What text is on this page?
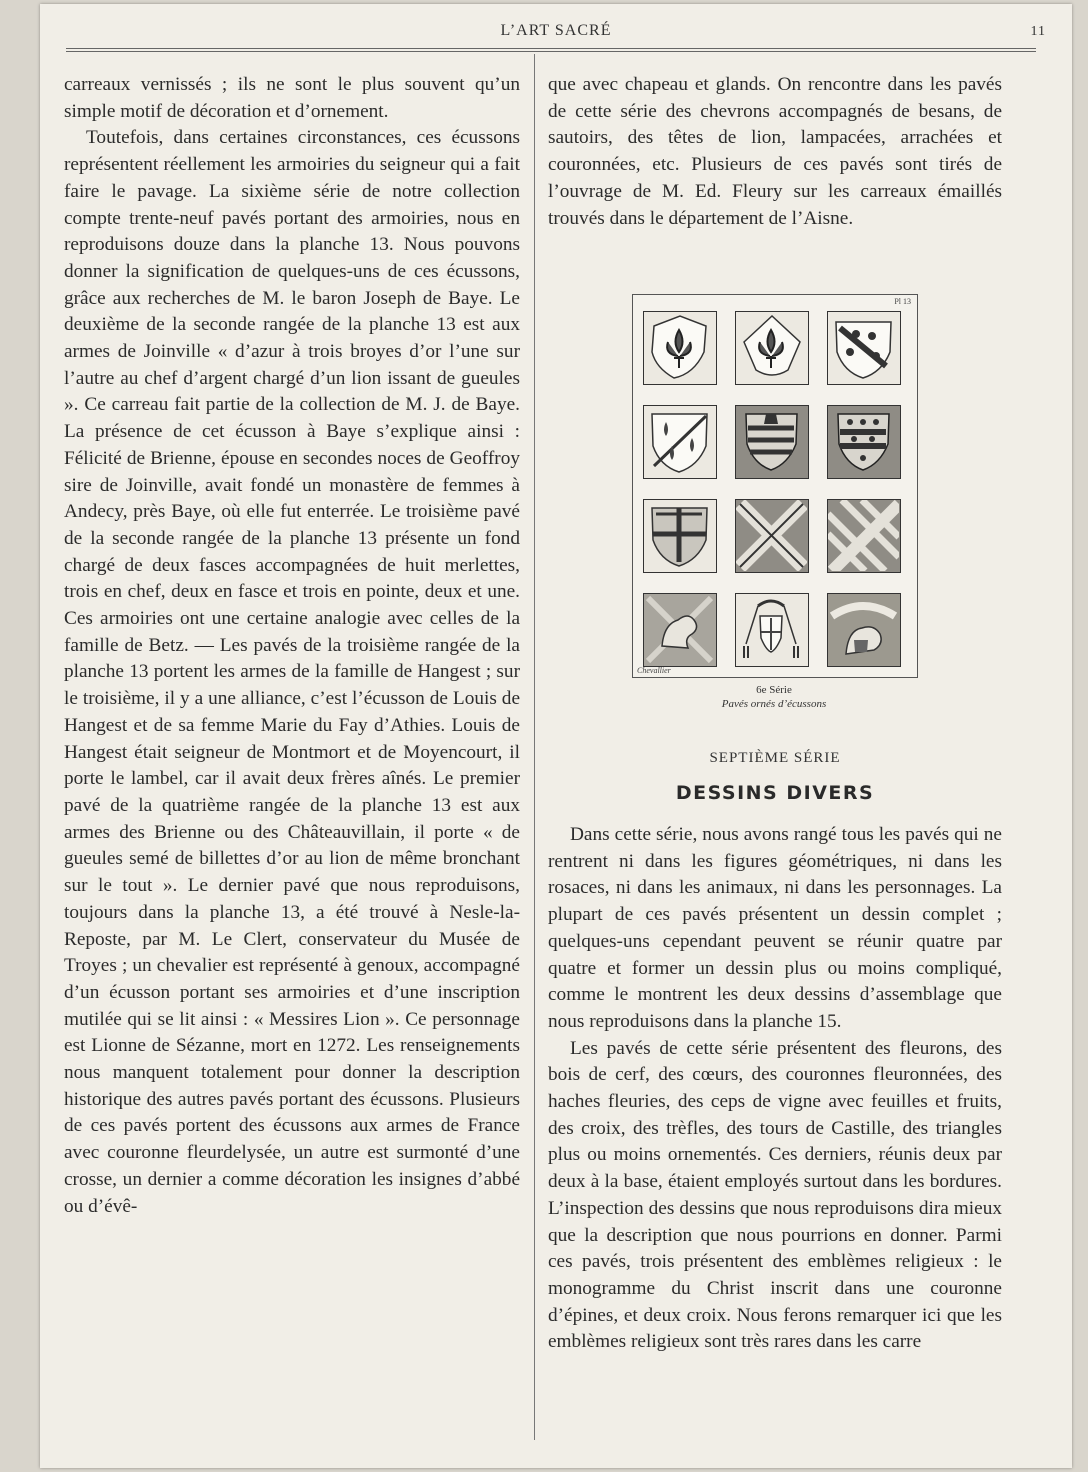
L’ART SACRÉ	11

carreaux vernissés ; ils ne sont le plus souvent qu’un simple motif de décoration et d’ornement.

Toutefois, dans certaines circonstances, ces écussons représentent réellement les armoiries du seigneur qui a fait faire le pavage. La sixième série de notre collection compte trente-neuf pavés portant des armoiries, nous en reproduisons douze dans la planche 13. Nous pouvons donner la signification de quelques-uns de ces écussons, grâce aux recherches de M. le baron Joseph de Baye. Le deuxième de la seconde rangée de la planche 13 est aux armes de Joinville « d’azur à trois broyes d’or l’une sur l’autre au chef d’argent chargé d’un lion issant de gueules ». Ce carreau fait partie de la collection de M. J. de Baye. La présence de cet écusson à Baye s’explique ainsi : Félicité de Brienne, épouse en secondes noces de Geoffroy sire de Joinville, avait fondé un monastère de femmes à Andecy, près Baye, où elle fut enterrée. Le troisième pavé de la seconde rangée de la planche 13 présente un fond chargé de deux fasces accompagnées de huit merlettes, trois en chef, deux en fasce et trois en pointe, deux et une. Ces armoiries ont une certaine analogie avec celles de la famille de Betz. — Les pavés de la troisième rangée de la planche 13 portent les armes de la famille de Hangest ; sur le troisième, il y a une alliance, c’est l’écusson de Louis de Hangest et de sa femme Marie du Fay d’Athies. Louis de Hangest était seigneur de Montmort et de Moyencourt, il porte le lambel, car il avait deux frères aînés. Le premier pavé de la quatrième rangée de la planche 13 est aux armes des Brienne ou des Châteauvillain, il porte « de gueules semé de billettes d’or au lion de même bronchant sur le tout ». Le dernier pavé que nous reproduisons, toujours dans la planche 13, a été trouvé à Nesle-la-Reposte, par M. Le Clert, conservateur du Musée de Troyes ; un chevalier est représenté à genoux, accompagné d’un écusson portant ses armoiries et d’une inscription mutilée qui se lit ainsi : « Messires Lion ». Ce personnage est Lionne de Sézanne, mort en 1272. Les renseignements nous manquent totalement pour donner la description historique des autres pavés portant des écussons. Plusieurs de ces pavés portent des écussons aux armes de France avec couronne fleurdelysée, un autre est surmonté d’une crosse, un dernier a comme décoration les insignes d’abbé ou d’évê-

que avec chapeau et glands. On rencontre dans les pavés de cette série des chevrons accompagnés de besans, de sautoirs, des têtes de lion, lampacées, arrachées et couronnées, etc. Plusieurs de ces pavés sont tirés de l’ouvrage de M. Ed. Fleury sur les carreaux émaillés trouvés dans le département de l’Aisne.

Pl 13
Chevallier
6e Série
Pavés ornés d’écussons
SEPTIÈME SÉRIE
DESSINS DIVERS

Dans cette série, nous avons rangé tous les pavés qui ne rentrent ni dans les figures géométriques, ni dans les rosaces, ni dans les animaux, ni dans les personnages. La plupart de ces pavés présentent un dessin complet ; quelques-uns cependant peuvent se réunir quatre par quatre et former un dessin plus ou moins compliqué, comme le montrent les deux dessins d’assemblage que nous reproduisons dans la planche 15.

Les pavés de cette série présentent des fleurons, des bois de cerf, des cœurs, des couronnes fleuronnées, des haches fleuries, des ceps de vigne avec feuilles et fruits, des croix, des trèfles, des tours de Castille, des triangles plus ou moins ornementés. Ces derniers, réunis deux par deux à la base, étaient employés surtout dans les bordures. L’inspection des dessins que nous reproduisons dira mieux que la description que nous pourrions en donner. Parmi ces pavés, trois présentent des emblèmes religieux : le monogramme du Christ inscrit dans une couronne d’épines, et deux croix. Nous ferons remarquer ici que les emblèmes religieux sont très rares dans les carre
